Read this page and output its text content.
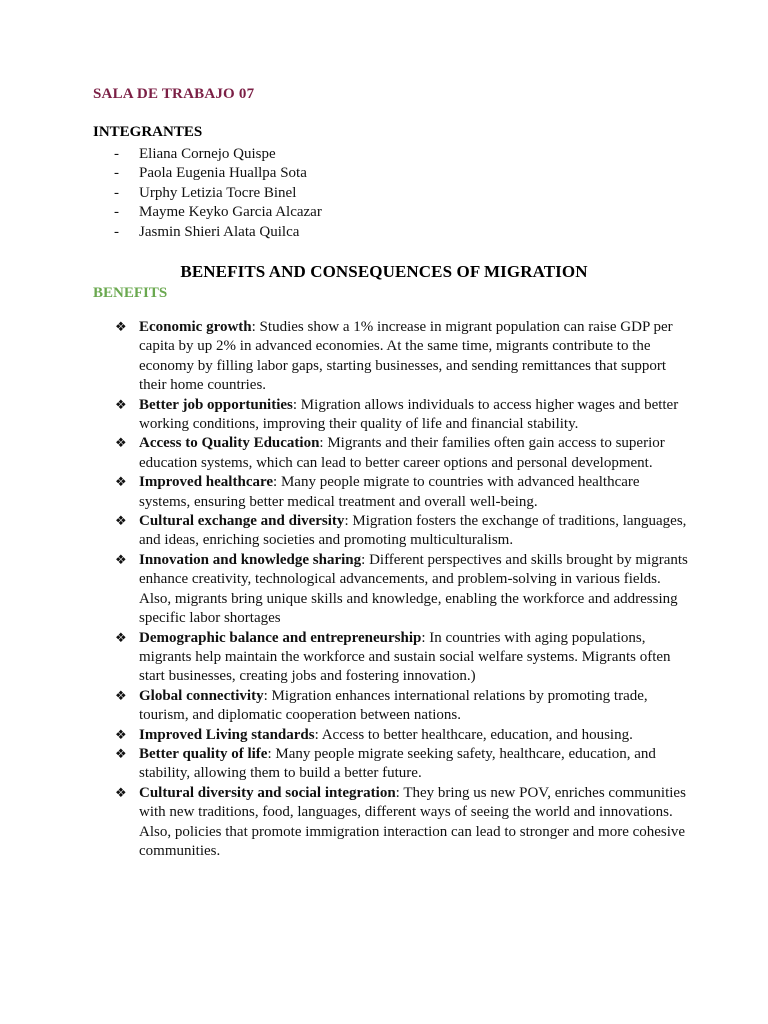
SALA DE TRABAJO 07
INTEGRANTES
- Eliana Cornejo Quispe
- Paola Eugenia Huallpa Sota
- Urphy Letizia Tocre Binel
- Mayme Keyko Garcia Alcazar
- Jasmin Shieri Alata Quilca
BENEFITS AND CONSEQUENCES OF MIGRATION
BENEFITS
❖ Economic growth: Studies show a 1% increase in migrant population can raise GDP per capita by up 2% in advanced economies. At the same time, migrants contribute to the economy by filling labor gaps, starting businesses, and sending remittances that support their home countries.
❖ Better job opportunities: Migration allows individuals to access higher wages and better working conditions, improving their quality of life and financial stability.
❖ Access to Quality Education: Migrants and their families often gain access to superior education systems, which can lead to better career options and personal development.
❖ Improved healthcare: Many people migrate to countries with advanced healthcare systems, ensuring better medical treatment and overall well-being.
❖ Cultural exchange and diversity: Migration fosters the exchange of traditions, languages, and ideas, enriching societies and promoting multiculturalism.
❖ Innovation and knowledge sharing: Different perspectives and skills brought by migrants enhance creativity, technological advancements, and problem-solving in various fields. Also, migrants bring unique skills and knowledge, enabling the workforce and addressing specific labor shortages
❖ Demographic balance and entrepreneurship: In countries with aging populations, migrants help maintain the workforce and sustain social welfare systems. Migrants often start businesses, creating jobs and fostering innovation.)
❖ Global connectivity: Migration enhances international relations by promoting trade, tourism, and diplomatic cooperation between nations.
❖ Improved Living standards: Access to better healthcare, education, and housing.
❖ Better quality of life: Many people migrate seeking safety, healthcare, education, and stability, allowing them to build a better future.
❖ Cultural diversity and social integration: They bring us new POV, enriches communities with new traditions, food, languages, different ways of seeing the world and innovations. Also, policies that promote immigration interaction can lead to stronger and more cohesive communities.
